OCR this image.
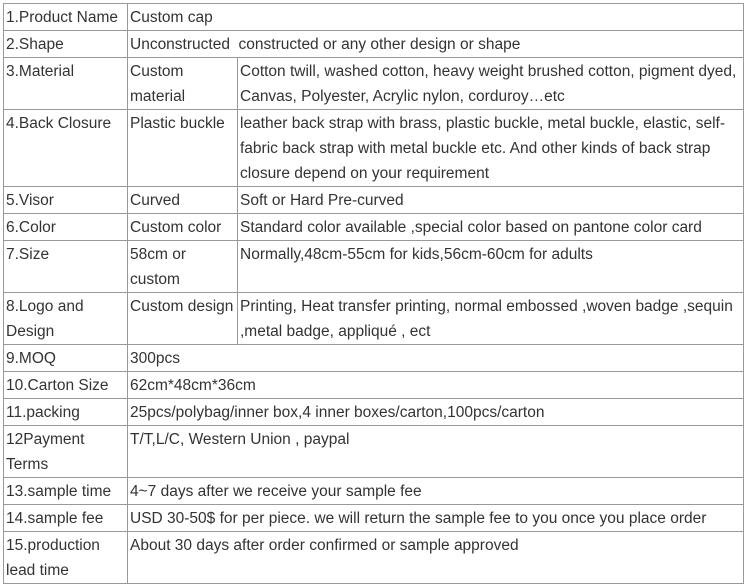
1.Product Name	Custom cap	
2.Shape	Unconstructed  constructed or any other design or shape	
3.Material	Custom material	Cotton twill, washed cotton, heavy weight brushed cotton, pigment dyed, Canvas, Polyester, Acrylic nylon, corduroy…etc
4.Back Closure	Plastic buckle	leather back strap with brass, plastic buckle, metal buckle, elastic, self-fabric back strap with metal buckle etc. And other kinds of back strap closure depend on your requirement
5.Visor	Curved	Soft or Hard Pre-curved
6.Color	Custom color	Standard color available ,special color based on pantone color card
7.Size	58cm or custom	Normally,48cm-55cm for kids,56cm-60cm for adults
8.Logo and Design	Custom design	Printing, Heat transfer printing, normal embossed ,woven badge ,sequin ,metal badge, appliqué , ect
9.MOQ	300pcs	
10.Carton Size	62cm*48cm*36cm	
11.packing	25pcs/polybag/inner box,4 inner boxes/carton,100pcs/carton	
12Payment Terms	T/T,L/C, Western Union , paypal	
13.sample time	4~7 days after we receive your sample fee	
14.sample fee	USD 30-50$ for per piece. we will return the sample fee to you once you place order	
15.production lead time	About 30 days after order confirmed or sample approved	
